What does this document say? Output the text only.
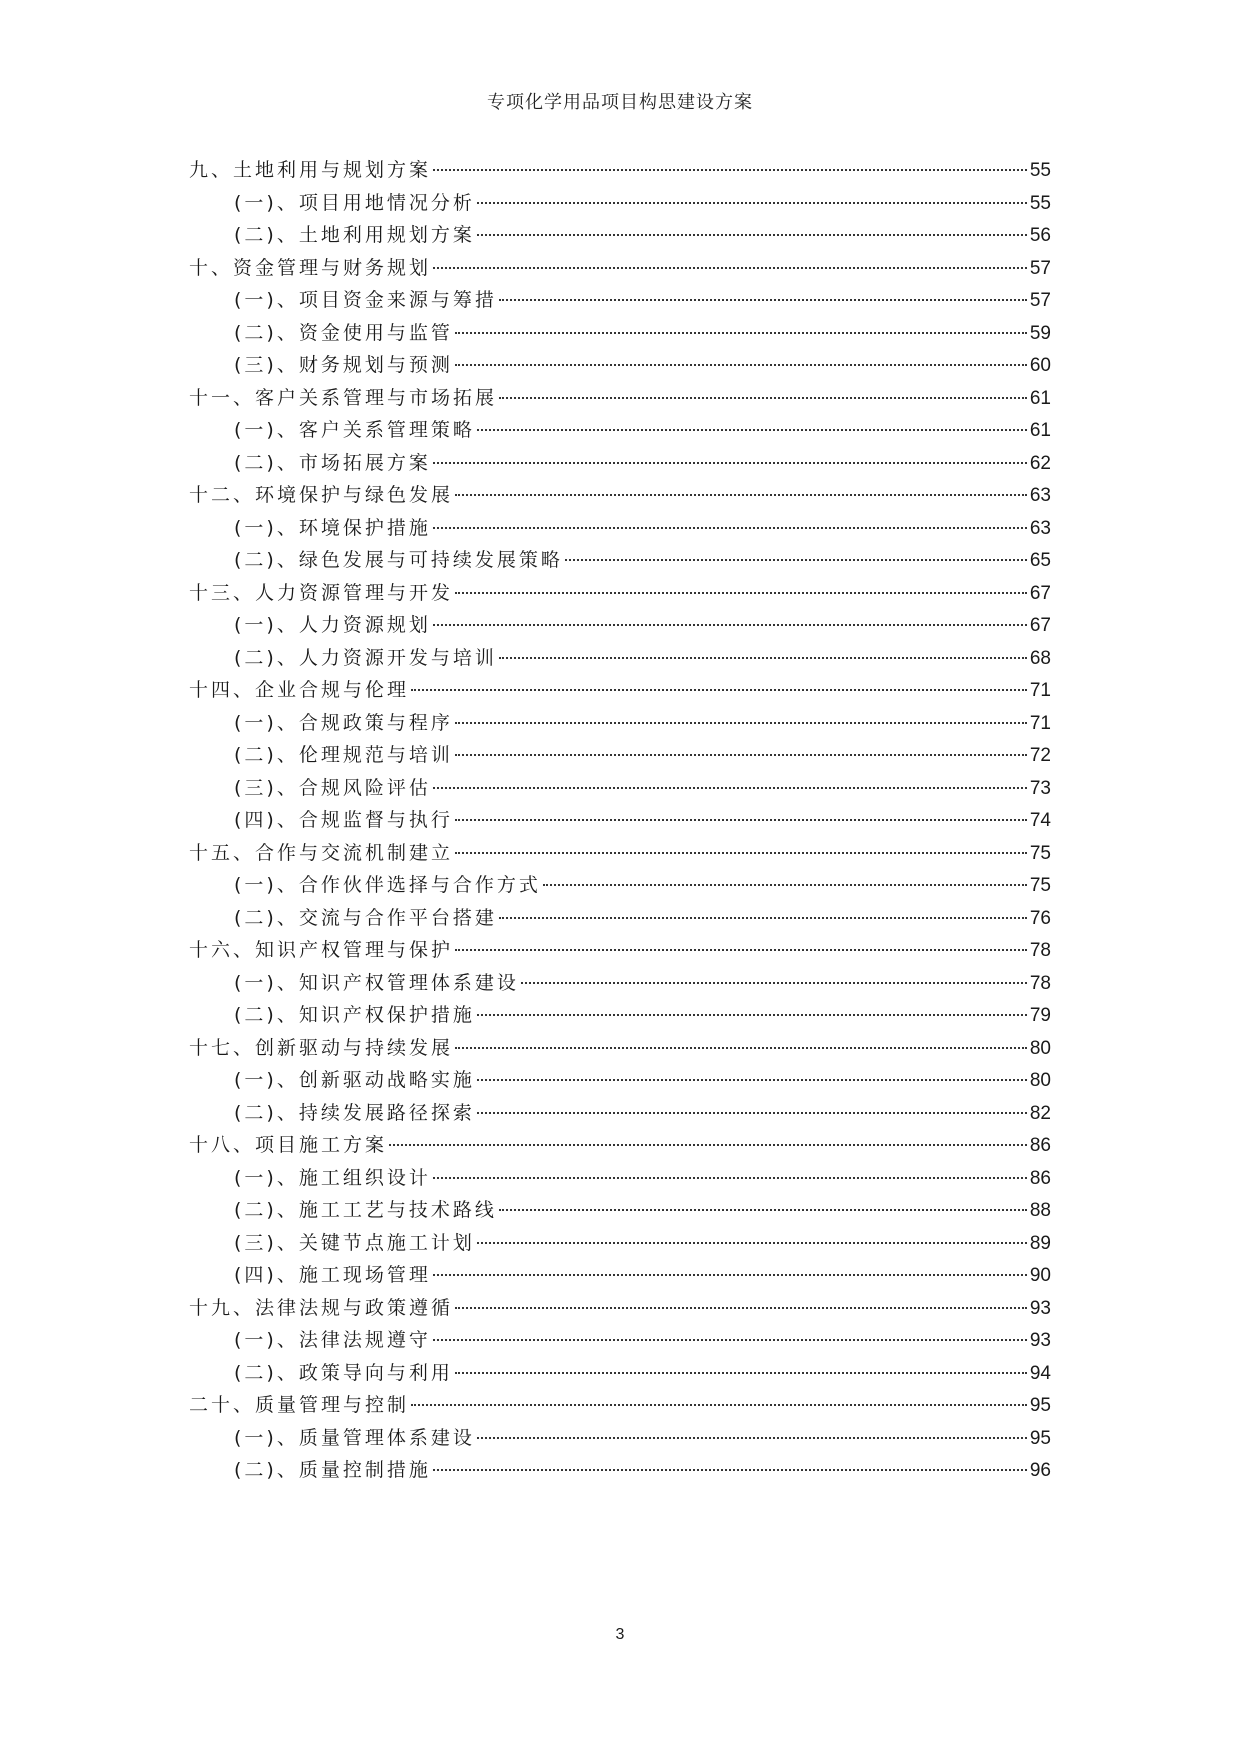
专项化学用品项目构思建设方案
九、土地利用与规划方案	55
(一)、项目用地情况分析	55
(二)、土地利用规划方案	56
十、资金管理与财务规划	57
(一)、项目资金来源与筹措	57
(二)、资金使用与监管	59
(三)、财务规划与预测	60
十一、客户关系管理与市场拓展	61
(一)、客户关系管理策略	61
(二)、市场拓展方案	62
十二、环境保护与绿色发展	63
(一)、环境保护措施	63
(二)、绿色发展与可持续发展策略	65
十三、人力资源管理与开发	67
(一)、人力资源规划	67
(二)、人力资源开发与培训	68
十四、企业合规与伦理	71
(一)、合规政策与程序	71
(二)、伦理规范与培训	72
(三)、合规风险评估	73
(四)、合规监督与执行	74
十五、合作与交流机制建立	75
(一)、合作伙伴选择与合作方式	75
(二)、交流与合作平台搭建	76
十六、知识产权管理与保护	78
(一)、知识产权管理体系建设	78
(二)、知识产权保护措施	79
十七、创新驱动与持续发展	80
(一)、创新驱动战略实施	80
(二)、持续发展路径探索	82
十八、项目施工方案	86
(一)、施工组织设计	86
(二)、施工工艺与技术路线	88
(三)、关键节点施工计划	89
(四)、施工现场管理	90
十九、法律法规与政策遵循	93
(一)、法律法规遵守	93
(二)、政策导向与利用	94
二十、质量管理与控制	95
(一)、质量管理体系建设	95
(二)、质量控制措施	96
3
